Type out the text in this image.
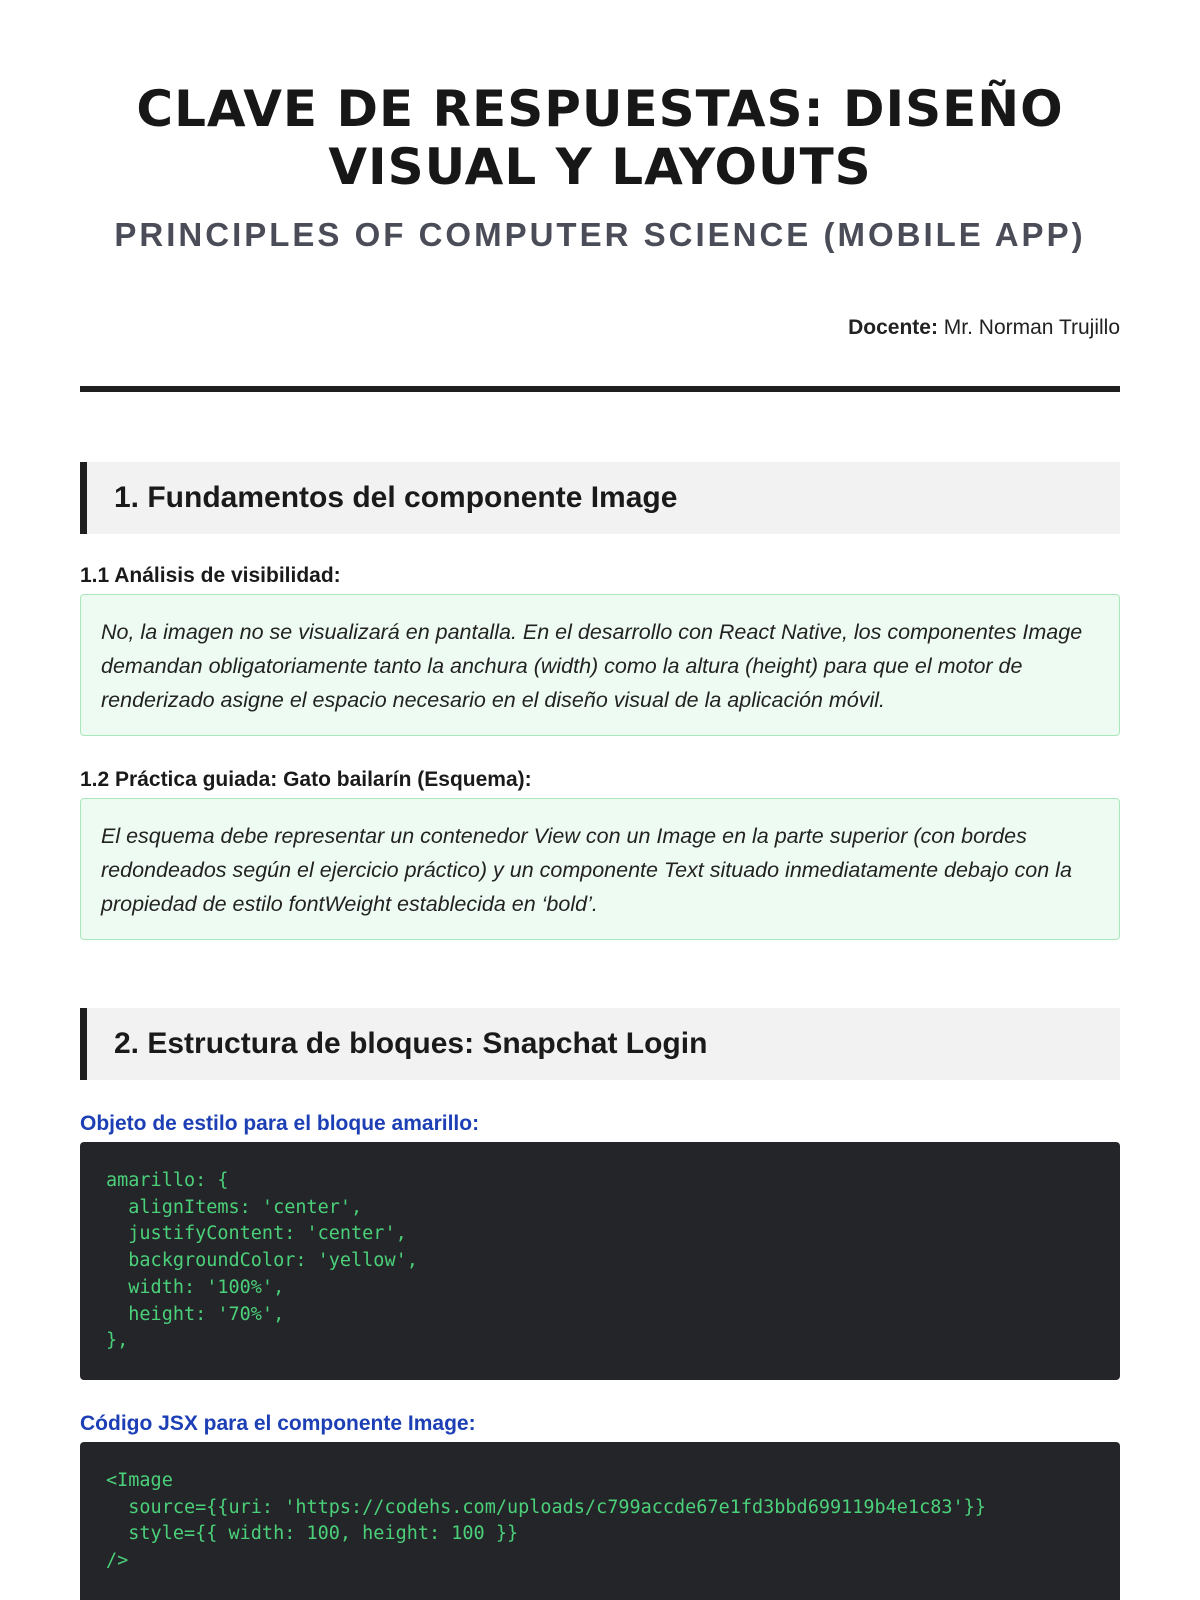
CLAVE DE RESPUESTAS: DISEÑO VISUAL Y LAYOUTS
PRINCIPLES OF COMPUTER SCIENCE (MOBILE APP)
Docente: Mr. Norman Trujillo
1. Fundamentos del componente Image
1.1 Análisis de visibilidad:
No, la imagen no se visualizará en pantalla. En el desarrollo con React Native, los componentes Image demandan obligatoriamente tanto la anchura (width) como la altura (height) para que el motor de renderizado asigne el espacio necesario en el diseño visual de la aplicación móvil.
1.2 Práctica guiada: Gato bailarín (Esquema):
El esquema debe representar un contenedor View con un Image en la parte superior (con bordes redondeados según el ejercicio práctico) y un componente Text situado inmediatamente debajo con la propiedad de estilo fontWeight establecida en ‘bold’.
2. Estructura de bloques: Snapchat Login
Objeto de estilo para el bloque amarillo:
amarillo: {
alignItems: 'center',
justifyContent: 'center',
backgroundColor: 'yellow',
width: '100%',
height: '70%',
},
Código JSX para el componente Image:
<Image
source={{uri: 'https://codehs.com/uploads/c799accde67e1fd3bbd699119b4e1c83'}}
style={{ width: 100, height: 100 }}
/>
